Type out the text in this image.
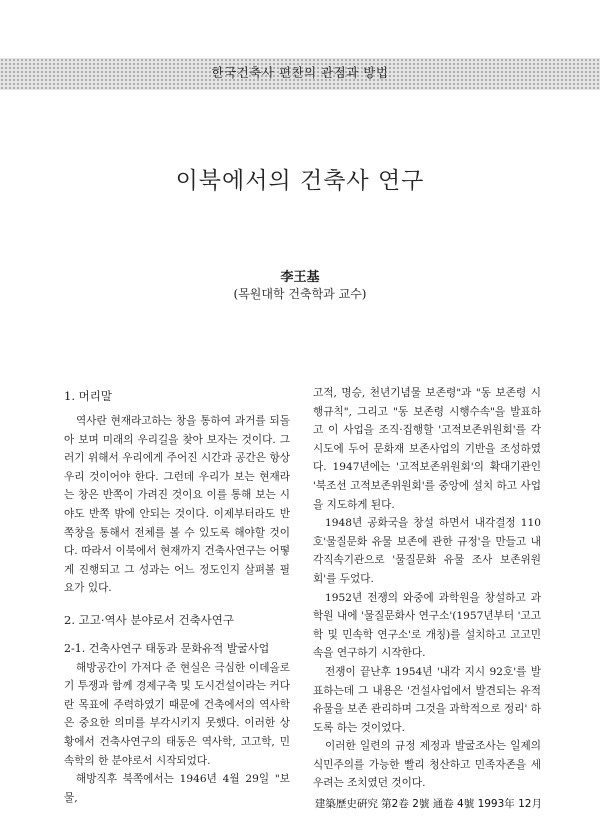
한국건축사 편찬의 관점과 방법
이북에서의 건축사 연구
李王基
(목원대학 건축학과 교수)
1. 머리말

역사란 현재라고하는 창을 통하여 과거를 되돌아 보며 미래의 우리길을 찾아 보자는 것이다. 그러기 위해서 우리에게 주어진 시간과 공간은 항상 우리 것이어야 한다. 그런데 우리가 보는 현재라는 창은 반쪽이 가려진 것이요 이를 통해 보는 시야도 반쪽 밖에 안되는 것이다. 이제부터라도 반쪽창을 통해서 전체를 볼 수 있도록 해야할 것이다. 따라서 이북에서 현재까지 건축사연구는 어떻게 진행되고 그 성과는 어느 정도인지 살펴볼 필요가 있다.

2. 고고·역사 분야로서 건축사연구
2-1. 건축사연구 태동과 문화유적 발굴사업

해방공간이 가져다 준 현실은 극심한 이데올로기 투쟁과 함께 경제구축 및 도시건설이라는 커다란 목표에 주력하였기 때문에 건축에서의 역사학은 중요한 의미를 부각시키지 못했다. 이러한 상황에서 건축사연구의 태동은 역사학, 고고학, 민속학의 한 분야로서 시작되었다.

해방직후 북쪽에서는 1946년 4월 29일 "보물,

고적, 명승, 천년기념물 보존령"과 "동 보존령 시행규칙", 그리고 "동 보존령 시행수속"을 발표하고 이 사업을 조직·집행할 '고적보존위원회'를 각 시도에 두어 문화재 보존사업의 기반을 조성하였다. 1947년에는 '고적보존위원회'의 확대기관인 '북조선 고적보존위원회'를 중앙에 설치 하고 사업을 지도하게 된다.

1948년 공화국을 창설 하면서 내각결정 110호'물질문화 유물 보존에 관한 규정'을 만들고 내각직속기관으로 '물질문화 유물 조사 보존위원회'를 두었다.

1952년 전쟁의 와중에 과학원을 창설하고 과학원 내에 '물질문화사 연구소'(1957년부터 '고고학 및 민속학 연구소'로 개칭)를 설치하고 고고민속을 연구하기 시작한다.

전쟁이 끝난후 1954년 '내각 지시 92호'를 발표하는데 그 내용은 '건설사업에서 발견되는 유적 유물을 보존 관리하며 그것을 과학적으로 정리' 하도록 하는 것이었다.

이러한 일련의 규정 제정과 발굴조사는 일제의 식민주의를 가능한 빨리 청산하고 민족자존을 세우려는 조치였던 것이다.

建築歷史硏究 第2卷 2號 通卷 4號 1993年 12月
